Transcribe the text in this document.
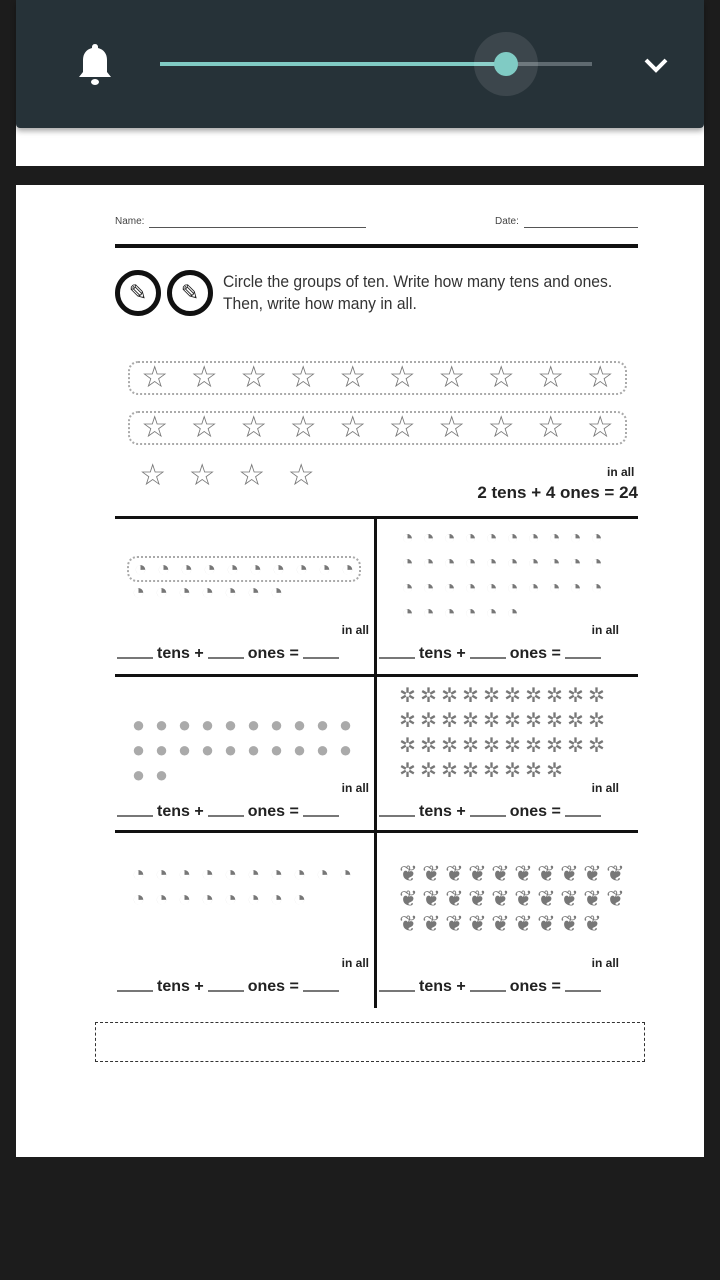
Name:	Date:
✎ ✎ Circle the groups of ten. Write how many tens and ones. Then, write how many in all.
☆ ☆ ☆ ☆ ☆ ☆ ☆ ☆ ☆ ☆
☆ ☆ ☆ ☆ ☆ ☆ ☆ ☆ ☆ ☆
☆ ☆ ☆ ☆	in all
2 tens + 4 ones = 24
◔ ◔ ◔ ◔ ◔ ◔ ◔ ◔ ◔ ◔
◔ ◔ ◔ ◔ ◔ ◔ ◔
in all
tens +	ones =
◔ ◔ ◔ ◔ ◔ ◔ ◔ ◔ ◔ ◔
◔ ◔ ◔ ◔ ◔ ◔ ◔ ◔ ◔ ◔
◔ ◔ ◔ ◔ ◔ ◔ ◔ ◔ ◔ ◔
◔ ◔ ◔ ◔ ◔ ◔
in all
tens +	ones =
● ● ● ● ● ● ● ● ● ●
● ● ● ● ● ● ● ● ● ●
● ●
in all
tens +	ones =
✲ ✲ ✲ ✲ ✲ ✲ ✲ ✲ ✲ ✲
✲ ✲ ✲ ✲ ✲ ✲ ✲ ✲ ✲ ✲
✲ ✲ ✲ ✲ ✲ ✲ ✲ ✲ ✲ ✲
✲ ✲ ✲ ✲ ✲ ✲ ✲ ✲
in all
tens +	ones =
◔ ◔ ◔ ◔ ◔ ◔ ◔ ◔ ◔ ◔
◔ ◔ ◔ ◔ ◔ ◔ ◔ ◔
in all
tens +	ones =
❦ ❦ ❦ ❦ ❦ ❦ ❦ ❦ ❦ ❦
❦ ❦ ❦ ❦ ❦ ❦ ❦ ❦ ❦ ❦
❦ ❦ ❦ ❦ ❦ ❦ ❦ ❦ ❦
in all
tens +	ones =
